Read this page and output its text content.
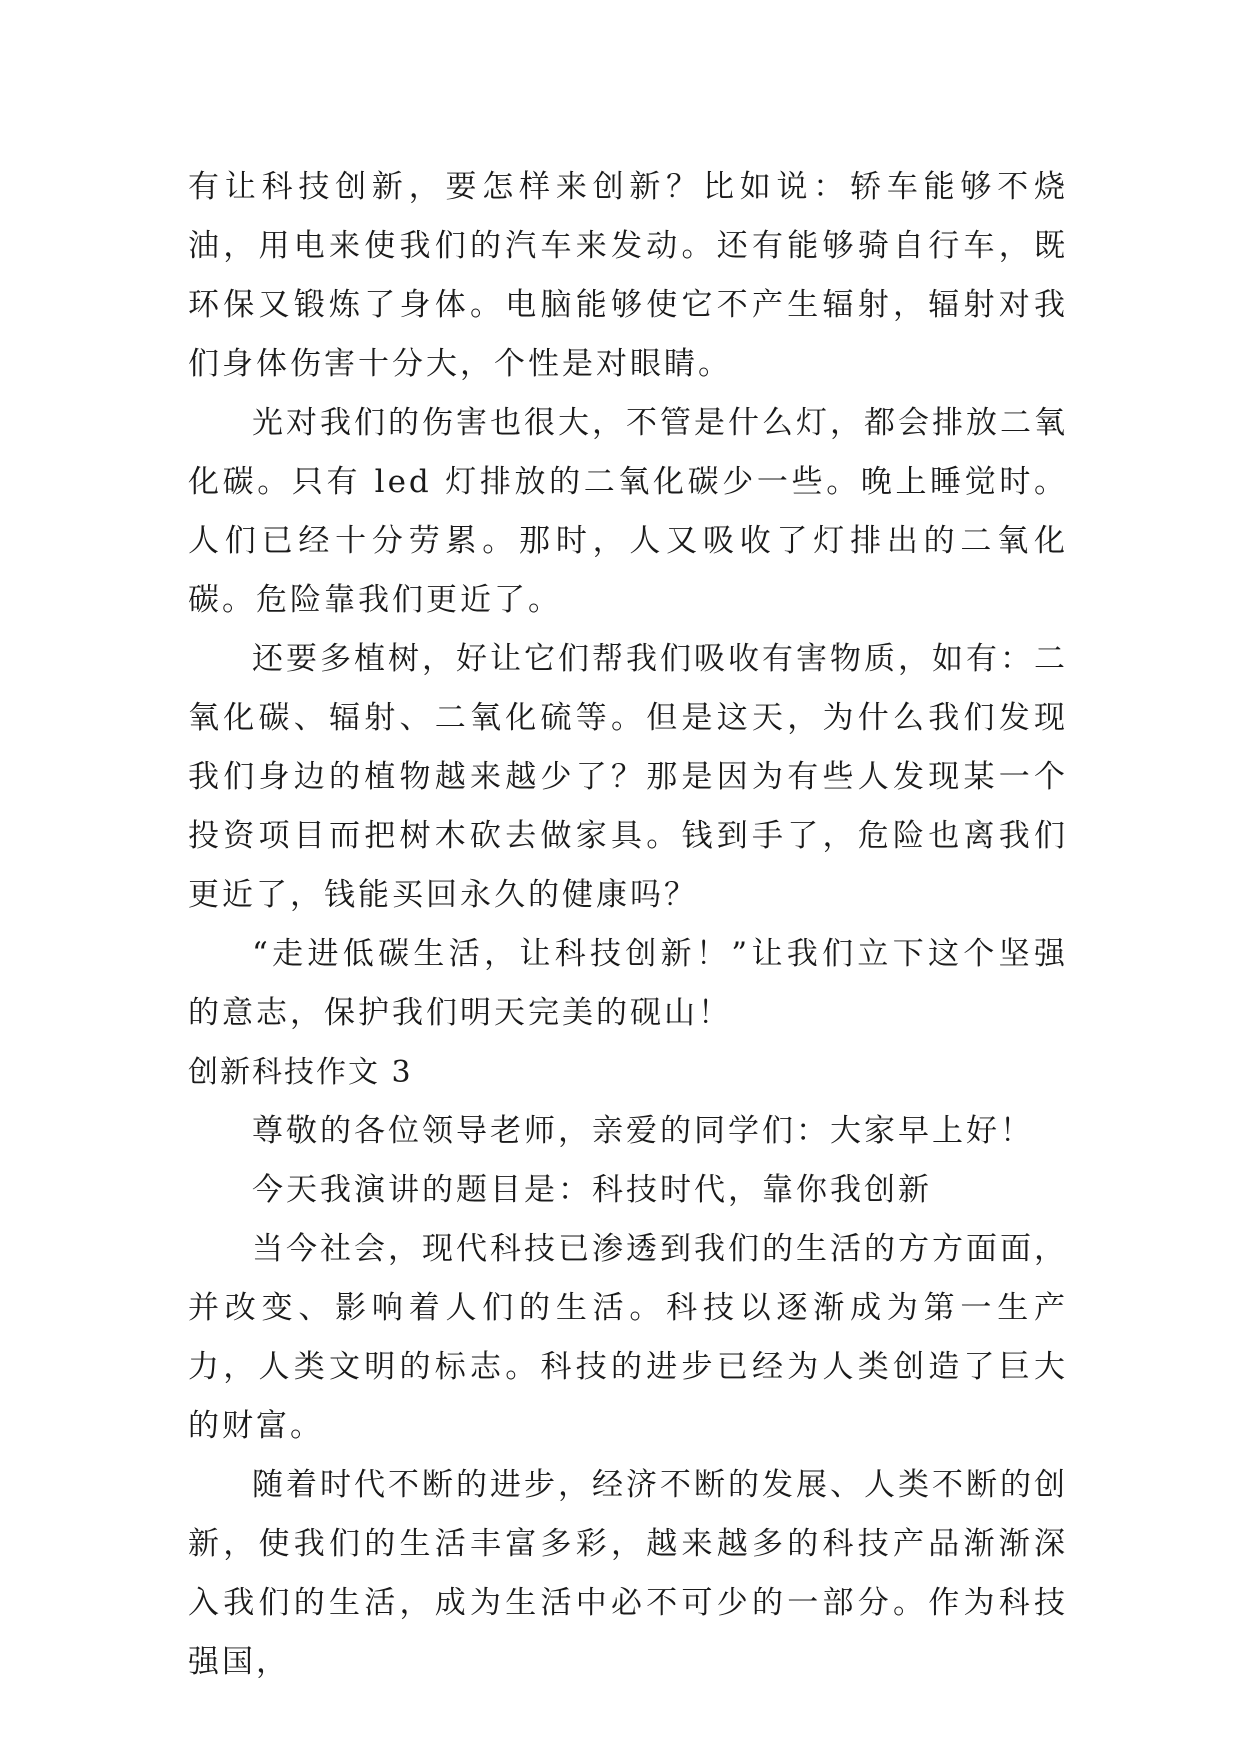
有让科技创新，要怎样来创新？比如说：轿车能够不烧油，用电来使我们的汽车来发动。还有能够骑自行车，既环保又锻炼了身体。电脑能够使它不产生辐射，辐射对我们身体伤害十分大，个性是对眼睛。

光对我们的伤害也很大，不管是什么灯，都会排放二氧化碳。只有 led 灯排放的二氧化碳少一些。晚上睡觉时。人们已经十分劳累。那时，人又吸收了灯排出的二氧化碳。危险靠我们更近了。

还要多植树，好让它们帮我们吸收有害物质，如有：二氧化碳、辐射、二氧化硫等。但是这天，为什么我们发现我们身边的植物越来越少了？那是因为有些人发现某一个投资项目而把树木砍去做家具。钱到手了，危险也离我们更近了，钱能买回永久的健康吗？

“走进低碳生活，让科技创新！”让我们立下这个坚强的意志，保护我们明天完美的砚山！

创新科技作文 3

尊敬的各位领导老师，亲爱的同学们：大家早上好！

今天我演讲的题目是：科技时代，靠你我创新

当今社会，现代科技已渗透到我们的生活的方方面面，并改变、影响着人们的生活。科技以逐渐成为第一生产力，人类文明的标志。科技的进步已经为人类创造了巨大的财富。

随着时代不断的进步，经济不断的发展、人类不断的创新，使我们的生活丰富多彩，越来越多的科技产品渐渐深入我们的生活，成为生活中必不可少的一部分。作为科技强国，
